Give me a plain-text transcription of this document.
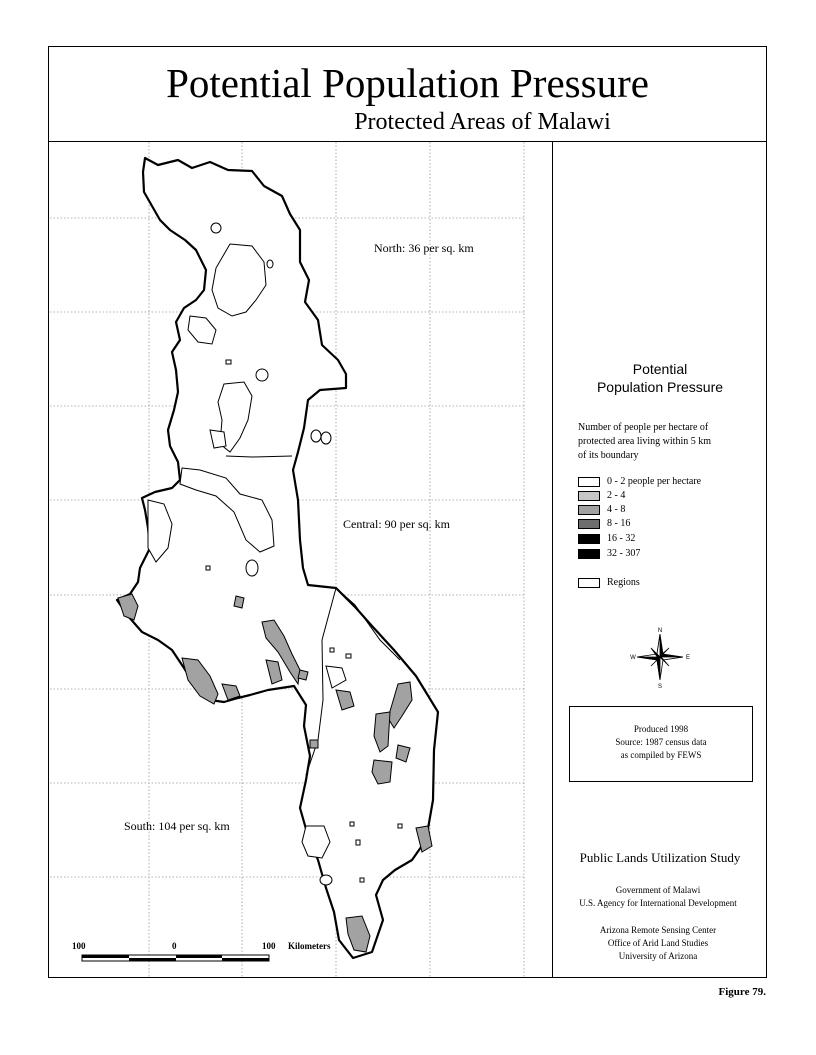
Potential Population Pressure
Protected Areas of Malawi
North: 36 per sq. km
Central: 90 per sq. km
South: 104 per sq. km
100	0	100 Kilometers
Potential
Population Pressure
Number of people per hectare of
protected area living within 5 km
of its boundary
0 - 2 people per hectare
2 - 4
4 - 8
8 - 16
16 - 32
32 - 307
Regions
N
S
E
W
Produced 1998
Source: 1987 census data
as compiled by FEWS
Public Lands Utilization Study
Government of Malawi
U.S. Agency for International Development
Arizona Remote Sensing Center
Office of Arid Land Studies
University of Arizona
Figure 79.
